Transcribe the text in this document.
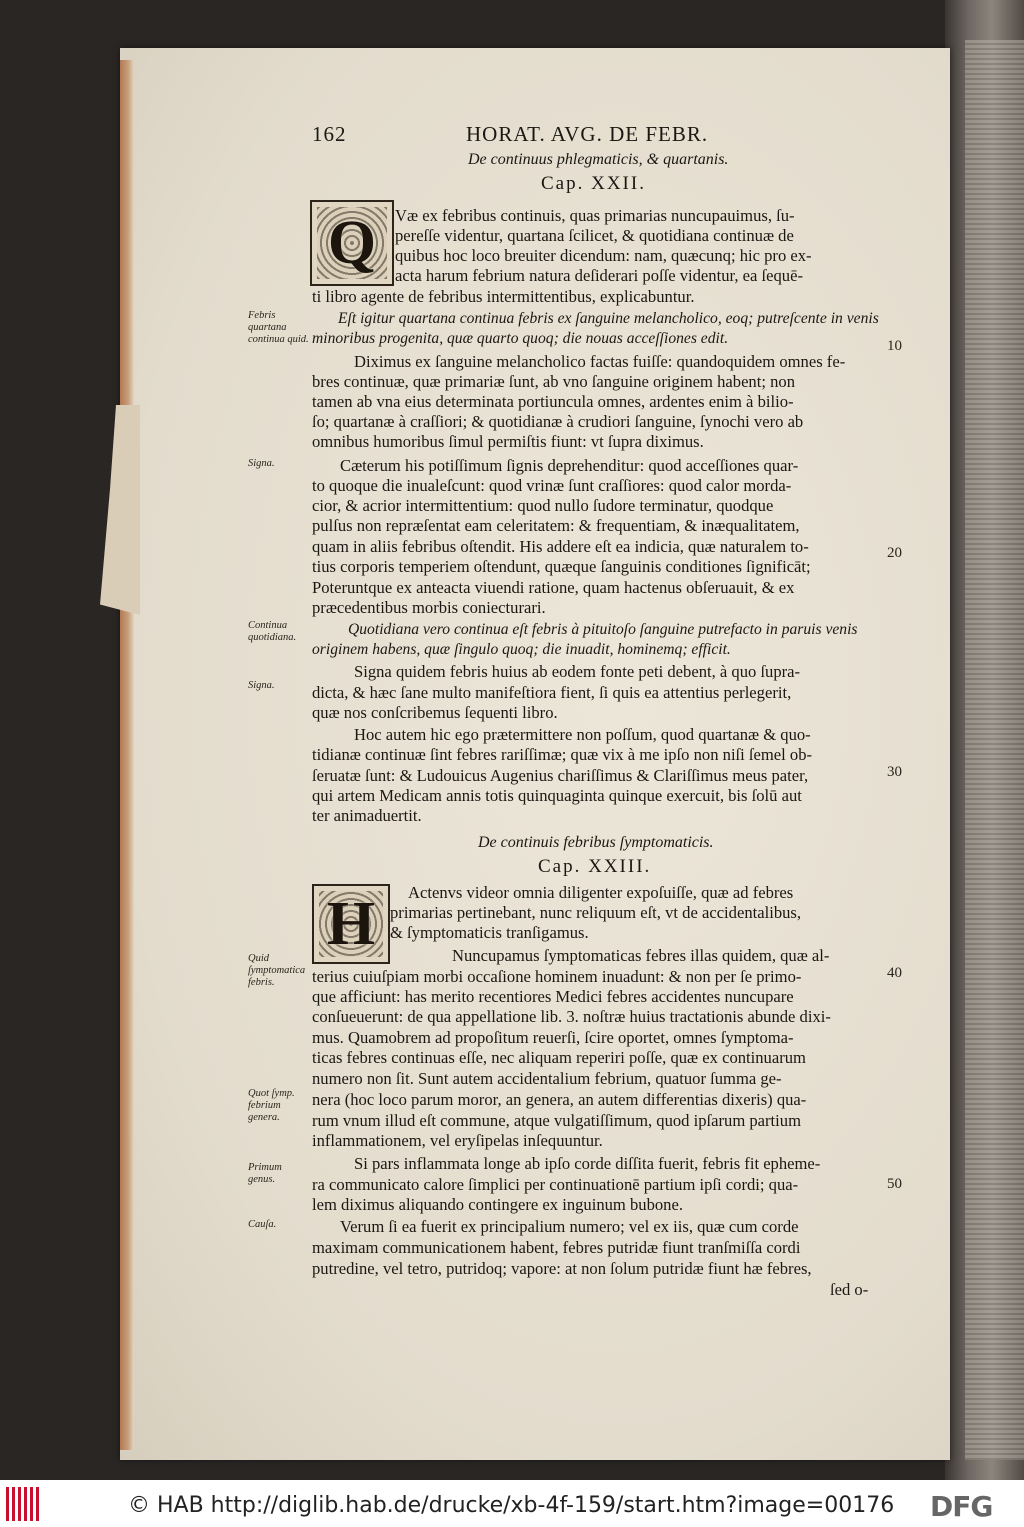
162	HORAT. AVG. DE FEBR.
De continuus phlegmaticis, & quartanis.
Cap. XXII.
Q Væ ex febribus continuis, quas primarias nuncupauimus, ſu-
pereſſe videntur, quartana ſcilicet, & quotidiana continuæ de
quibus hoc loco breuiter dicendum: nam, quæcunq; hic pro ex-
acta harum febrium natura deſiderari poſſe videntur, ea ſequē-
ti libro agente de febribus intermittentibus, explicabuntur.
Eſt igitur quartana continua febris ex ſanguine melancholico, eoq; putreſcente in venis
minoribus progenita, quæ quarto quoq; die nouas acceſſiones edit.
Diximus ex ſanguine melancholico factas fuiſſe: quandoquidem omnes fe-
bres continuæ, quæ primariæ ſunt, ab vno ſanguine originem habent; non
tamen ab vna eius determinata portiuncula omnes, ardentes enim à bilio-
ſo; quartanæ à craſſiori; & quotidianæ à crudiori ſanguine, ſynochi vero ab
omnibus humoribus ſimul permiſtis fiunt: vt ſupra diximus.
Cæterum his potiſſimum ſignis deprehenditur: quod acceſſiones quar-
to quoque die inualeſcunt: quod vrinæ ſunt craſſiores: quod calor morda-
cior, & acrior intermittentium: quod nullo ſudore terminatur, quodque
pulſus non repræſentat eam celeritatem: & frequentiam, & inæqualitatem,
quam in aliis febribus oſtendit. His addere eſt ea indicia, quæ naturalem to-
tius corporis temperiem oſtendunt, quæque ſanguinis conditiones ſignificāt;
Poteruntque ex anteacta viuendi ratione, quam hactenus obſeruauit, & ex
præcedentibus morbis coniecturari.
Quotidiana vero continua eſt febris à pituitoſo ſanguine putrefacto in paruis venis
originem habens, quæ ſingulo quoq; die inuadit, hominemq; efficit.
Signa quidem febris huius ab eodem fonte peti debent, à quo ſupra-
dicta, & hæc ſane multo manifeſtiora fient, ſi quis ea attentius perlegerit,
quæ nos conſcribemus ſequenti libro.
Hoc autem hic ego prætermittere non poſſum, quod quartanæ & quo-
tidianæ continuæ ſint febres rariſſimæ; quæ vix à me ipſo non niſi ſemel ob-
ſeruatæ ſunt: & Ludouicus Augenius chariſſimus & Clariſſimus meus pater,
qui artem Medicam annis totis quinquaginta quinque exercuit, bis ſolū aut
ter animaduertit.
De continuis febribus ſymptomaticis.
Cap. XXIII.
H Actenvs videor omnia diligenter expoſuiſſe, quæ ad febres
primarias pertinebant, nunc reliquum eſt, vt de accidentalibus,
& ſymptomaticis tranſigamus.
Nuncupamus ſymptomaticas febres illas quidem, quæ al-
terius cuiuſpiam morbi occaſione hominem inuadunt: & non per ſe primo-
que afficiunt: has merito recentiores Medici febres accidentes nuncupare
conſueuerunt: de qua appellatione lib. 3. noſtræ huius tractationis abunde dixi-
mus. Quamobrem ad propoſitum reuerſi, ſcire oportet, omnes ſymptoma-
ticas febres continuas eſſe, nec aliquam reperiri poſſe, quæ ex continuarum
numero non ſit. Sunt autem accidentalium febrium, quatuor ſumma ge-
nera (hoc loco parum moror, an genera, an autem differentias dixeris) qua-
rum vnum illud eſt commune, atque vulgatiſſimum, quod ipſarum partium
inflammationem, vel eryſipelas inſequuntur.
Si pars inflammata longe ab ipſo corde diſſita fuerit, febris fit epheme-
ra communicato calore ſimplici per continuationē partium ipſi cordi; qua-
lem diximus aliquando contingere ex inguinum bubone.
Verum ſi ea fuerit ex principalium numero; vel ex iis, quæ cum corde
maximam communicationem habent, febres putridæ fiunt tranſmiſſa cordi
putredine, vel tetro, putridoq; vapore: at non ſolum putridæ fiunt hæ febres,
ſed o-
Febris quartana continua quid.
Signa.
Continua quotidiana.
Signa.
Quid ſymptomatica febris.
Quot ſymp. febrium genera.
Primum genus.
Cauſa.
10
20
30
40
50
© HAB http://diglib.hab.de/drucke/xb-4f-159/start.htm?image=00176 DFG
